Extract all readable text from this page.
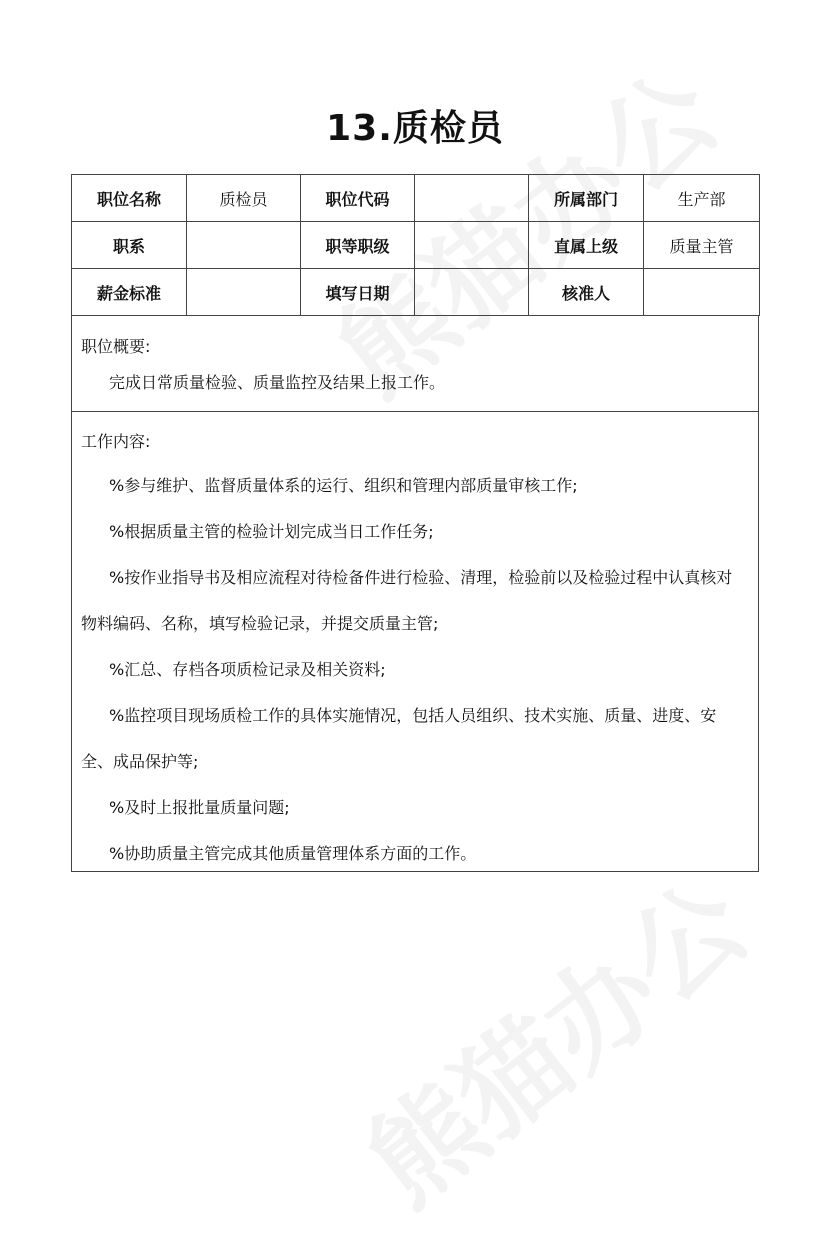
13.质检员
职位名称	质检员	职位代码		所属部门	生产部
职系		职等职级		直属上级	质量主管
薪金标准		填写日期		核准人	
职位概要:
完成日常质量检验、质量监控及结果上报工作。
工作内容:
%参与维护、监督质量体系的运行、组织和管理内部质量审核工作;
%根据质量主管的检验计划完成当日工作任务;
%按作业指导书及相应流程对待检备件进行检验、清理，检验前以及检验过程中认真核对物料编码、名称，填写检验记录，并提交质量主管;
%汇总、存档各项质检记录及相关资料;
%监控项目现场质检工作的具体实施情况，包括人员组织、技术实施、质量、进度、安全、成品保护等;
%及时上报批量质量问题;
%协助质量主管完成其他质量管理体系方面的工作。
